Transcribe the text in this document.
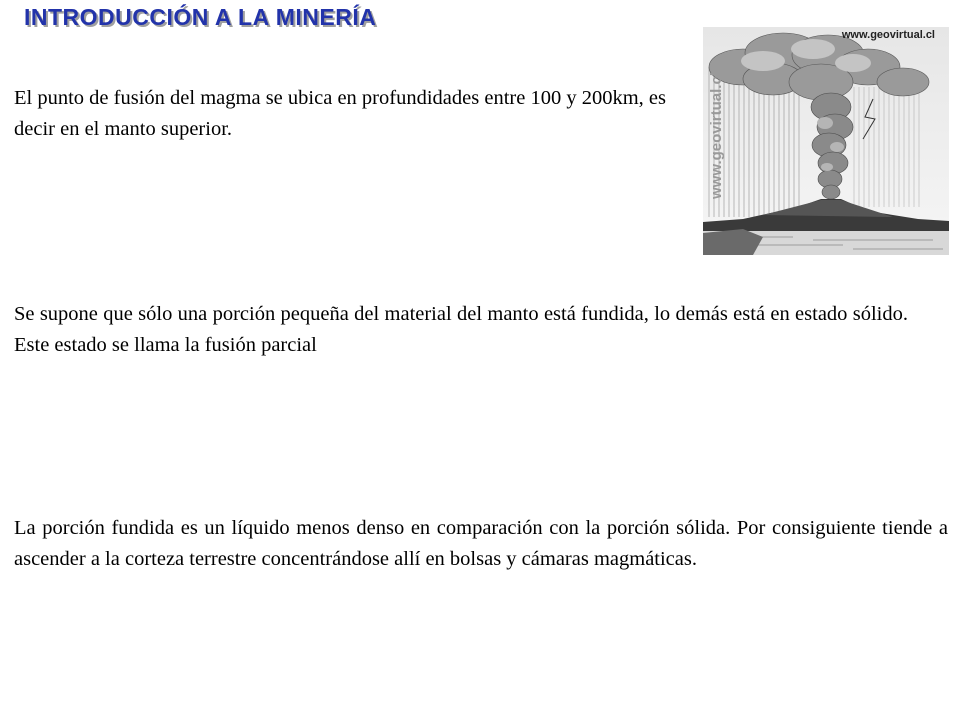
INTRODUCCIÓN A LA MINERÍA

El punto de fusión del magma se ubica en profundidades entre 100 y 200km, es decir en el manto superior.

www.geovirtual.cl
www.geovirtual.cl

Se supone que sólo una porción pequeña del material del manto está fundida, lo demás está en estado sólido. Este estado se llama la fusión parcial

La porción fundida es un líquido menos denso en comparación con la porción sólida. Por consiguiente tiende a ascender a la corteza terrestre concentrándose allí en bolsas y cámaras magmáticas.
